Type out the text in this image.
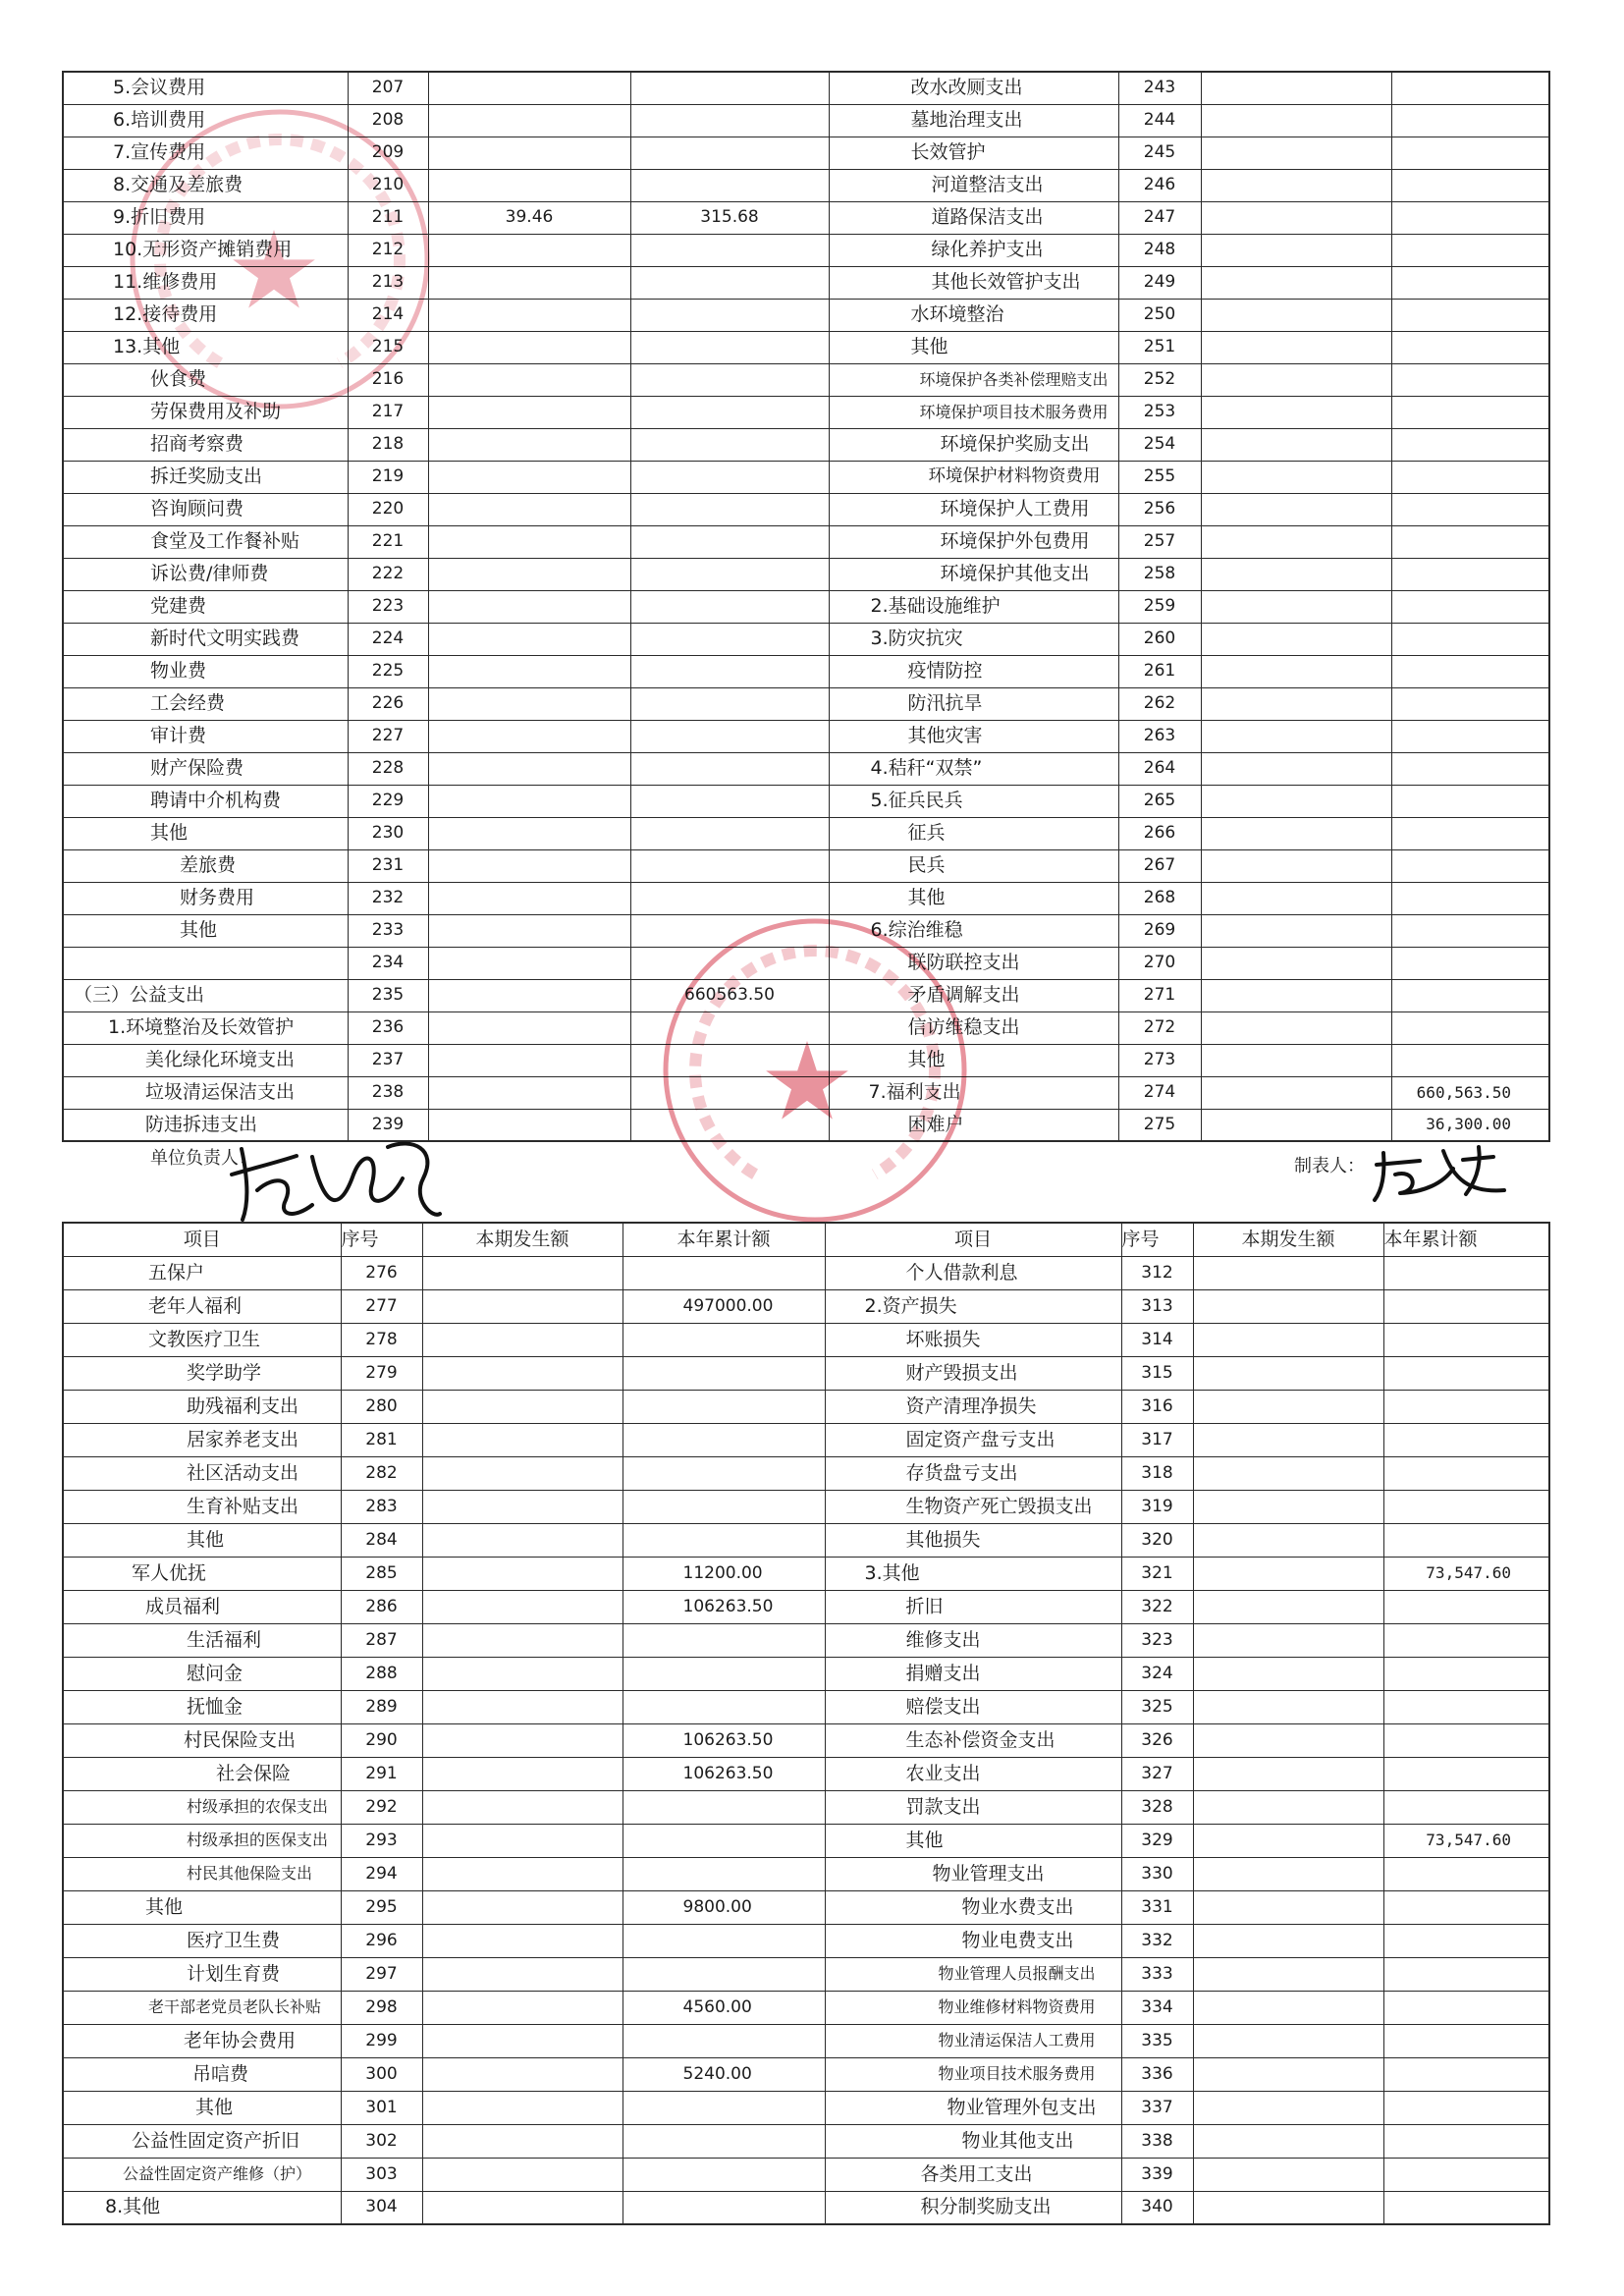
5.会议费用	207			改水改厕支出	243		
6.培训费用	208			墓地治理支出	244		
7.宣传费用	209			长效管护	245		
8.交通及差旅费	210			河道整洁支出	246		
9.折旧费用	211	39.46	315.68	道路保洁支出	247		
10.无形资产摊销费用	212			绿化养护支出	248		
11.维修费用	213			其他长效管护支出	249		
12.接待费用	214			水环境整治	250		
13.其他	215			其他	251		
伙食费	216			环境保护各类补偿理赔支出	252		
劳保费用及补助	217			环境保护项目技术服务费用	253		
招商考察费	218			环境保护奖励支出	254		
拆迁奖励支出	219			环境保护材料物资费用	255		
咨询顾问费	220			环境保护人工费用	256		
食堂及工作餐补贴	221			环境保护外包费用	257		
诉讼费/律师费	222			环境保护其他支出	258		
党建费	223			2.基础设施维护	259		
新时代文明实践费	224			3.防灾抗灾	260		
物业费	225			疫情防控	261		
工会经费	226			防汛抗旱	262		
审计费	227			其他灾害	263		
财产保险费	228			4.秸秆“双禁”	264		
聘请中介机构费	229			5.征兵民兵	265		
其他	230			征兵	266		
差旅费	231			民兵	267		
财务费用	232			其他	268		
其他	233			6.综治维稳	269		
	234			联防联控支出	270		
（三）公益支出	235		660563.50	矛盾调解支出	271		
1.环境整治及长效管护	236			信访维稳支出	272		
美化绿化环境支出	237			其他	273		
垃圾清运保洁支出	238			7.福利支出	274		660,563.50
防违拆违支出	239			困难户	275		36,300.00
单位负责人：	制表人：
项目	序号	本期发生额	本年累计额	项目	序号	本期发生额	本年累计额
五保户	276			个人借款利息	312		
老年人福利	277		497000.00	2.资产损失	313		
文教医疗卫生	278			坏账损失	314		
奖学助学	279			财产毁损支出	315		
助残福利支出	280			资产清理净损失	316		
居家养老支出	281			固定资产盘亏支出	317		
社区活动支出	282			存货盘亏支出	318		
生育补贴支出	283			生物资产死亡毁损支出	319		
其他	284			其他损失	320		
军人优抚	285		11200.00	3.其他	321		73,547.60
成员福利	286		106263.50	折旧	322		
生活福利	287			维修支出	323		
慰问金	288			捐赠支出	324		
抚恤金	289			赔偿支出	325		
村民保险支出	290		106263.50	生态补偿资金支出	326		
社会保险	291		106263.50	农业支出	327		
村级承担的农保支出	292			罚款支出	328		
村级承担的医保支出	293			其他	329		73,547.60
村民其他保险支出	294			物业管理支出	330		
其他	295		9800.00	物业水费支出	331		
医疗卫生费	296			物业电费支出	332		
计划生育费	297			物业管理人员报酬支出	333		
老干部老党员老队长补贴	298		4560.00	物业维修材料物资费用	334		
老年协会费用	299			物业清运保洁人工费用	335		
吊唁费	300		5240.00	物业项目技术服务费用	336		
其他	301			物业管理外包支出	337		
公益性固定资产折旧	302			物业其他支出	338		
公益性固定资产维修（护）	303			各类用工支出	339		
8.其他	304			积分制奖励支出	340		
